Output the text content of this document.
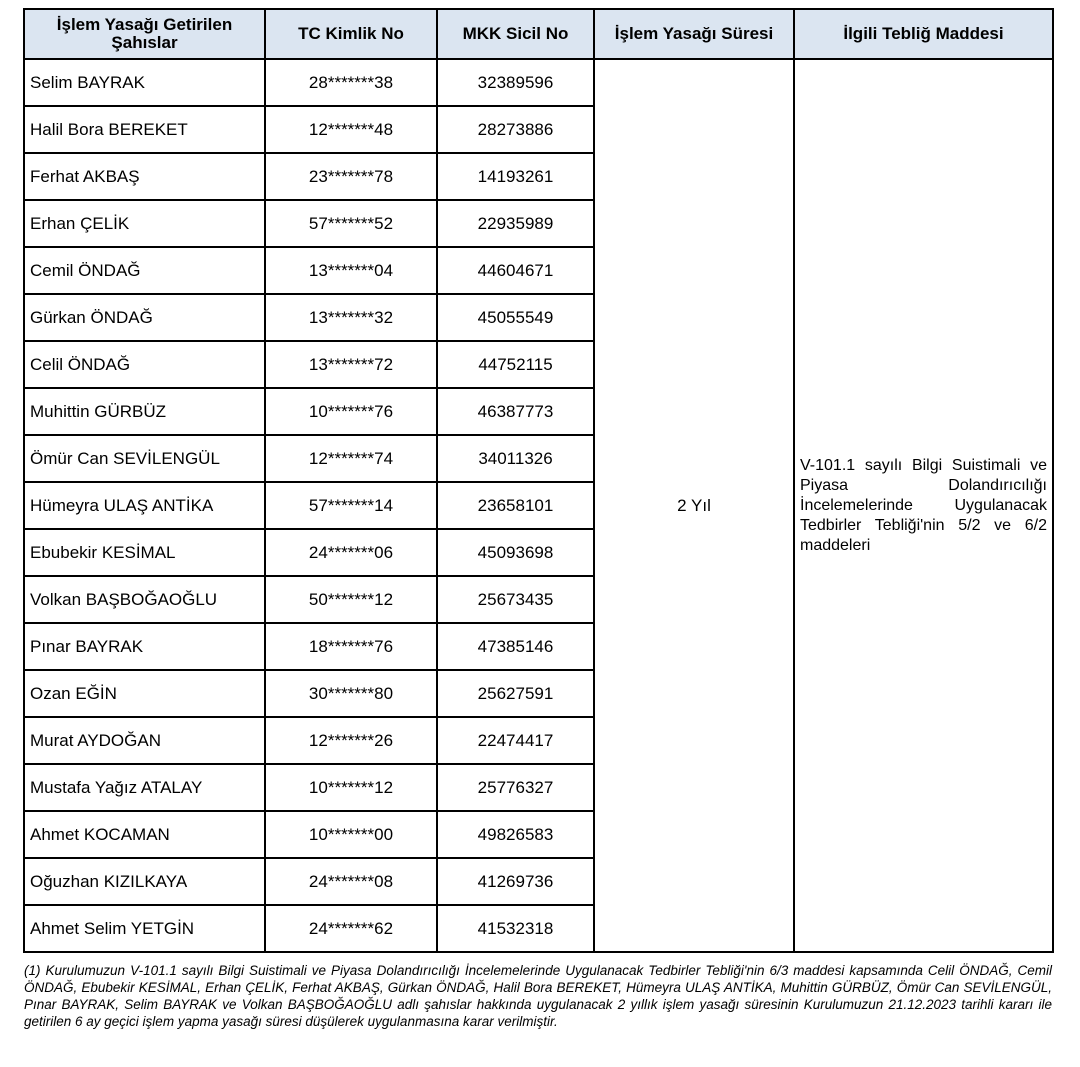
İşlem Yasağı Getirilen Şahıslar	TC Kimlik No	MKK Sicil No	İşlem Yasağı Süresi	İlgili Tebliğ Maddesi
Selim BAYRAK	28*******38	32389596	2 Yıl	V-101.1 sayılı Bilgi Suistimali ve Piyasa Dolandırıcılığı İncelemelerinde Uygulanacak Tedbirler Tebliği'nin 5/2 ve 6/2 maddeleri
Halil Bora BEREKET	12*******48	28273886		
Ferhat AKBAŞ	23*******78	14193261		
Erhan ÇELİK	57*******52	22935989		
Cemil ÖNDAĞ	13*******04	44604671		
Gürkan ÖNDAĞ	13*******32	45055549		
Celil ÖNDAĞ	13*******72	44752115		
Muhittin GÜRBÜZ	10*******76	46387773		
Ömür Can SEVİLENGÜL	12*******74	34011326		
Hümeyra ULAŞ ANTİKA	57*******14	23658101		
Ebubekir KESİMAL	24*******06	45093698		
Volkan BAŞBOĞAOĞLU	50*******12	25673435		
Pınar BAYRAK	18*******76	47385146		
Ozan EĞİN	30*******80	25627591		
Murat AYDOĞAN	12*******26	22474417		
Mustafa Yağız ATALAY	10*******12	25776327		
Ahmet KOCAMAN	10*******00	49826583		
Oğuzhan KIZILKAYA	24*******08	41269736		
Ahmet Selim YETGİN	24*******62	41532318		

(1) Kurulumuzun V-101.1 sayılı Bilgi Suistimali ve Piyasa Dolandırıcılığı İncelemelerinde Uygulanacak Tedbirler Tebliği'nin 6/3 maddesi kapsamında Celil ÖNDAĞ, Cemil ÖNDAĞ, Ebubekir KESİMAL, Erhan ÇELİK, Ferhat AKBAŞ, Gürkan ÖNDAĞ, Halil Bora BEREKET, Hümeyra ULAŞ ANTİKA, Muhittin GÜRBÜZ, Ömür Can SEVİLENGÜL, Pınar BAYRAK, Selim BAYRAK ve Volkan BAŞBOĞAOĞLU adlı şahıslar hakkında uygulanacak 2 yıllık işlem yasağı süresinin Kurulumuzun 21.12.2023 tarihli kararı ile getirilen 6 ay geçici işlem yapma yasağı süresi düşülerek uygulanmasına karar verilmiştir.
